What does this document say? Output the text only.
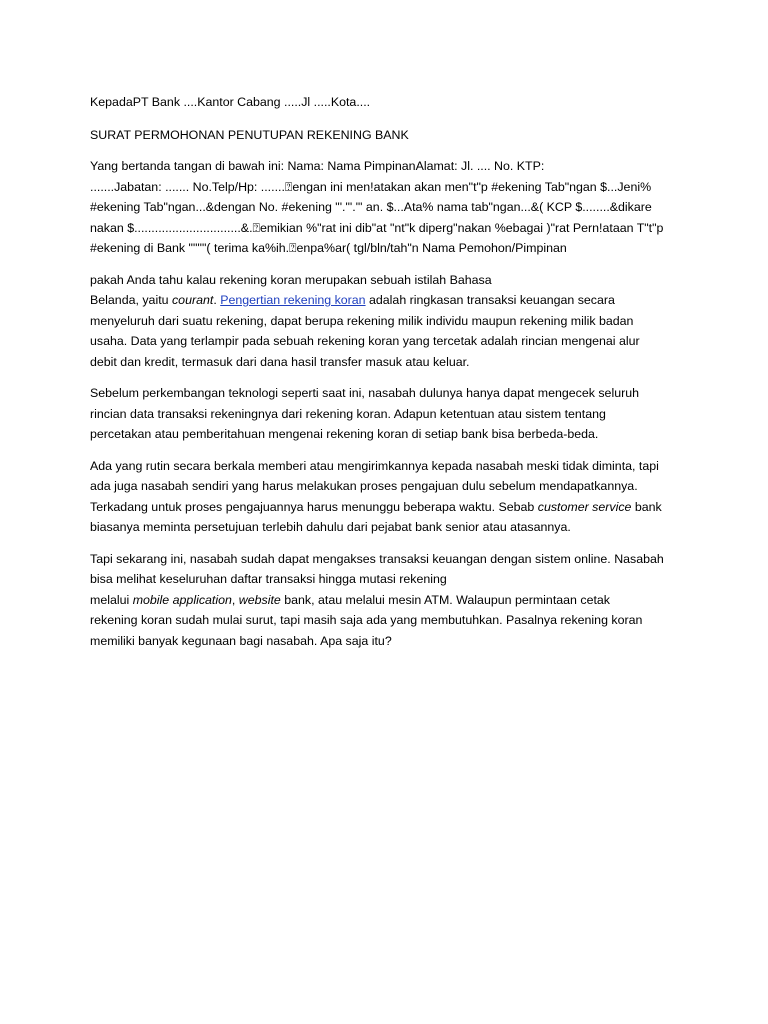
KepadaPT Bank ....Kantor Cabang .....Jl .....Kota....
SURAT PERMOHONAN PENUTUPAN REKENING BANK
Yang bertanda tangan di bawah ini: Nama: Nama PimpinanAlamat: Jl. .... No. KTP:
.......Jabatan: ....... No.Telp/Hp: .......⍰engan ini men!atakan akan men"t"p #ekening Tab"ngan $...Jeni%
#ekening Tab"ngan...&dengan No. #ekening "'."'."' an. $...Ata% nama tab"ngan...&( KCP $........&dikare
nakan $...............................&.⍰emikian %"rat ini dib"at "nt"k diperg"nakan %ebagai )"rat Pern!ataan T"t"p
#ekening di Bank "'"'"( terima ka%ih.⍰enpa%ar( tgl/bln/tah"n Nama Pemohon/Pimpinan
pakah Anda tahu kalau rekening koran merupakan sebuah istilah Bahasa
Belanda, yaitu courant. Pengertian rekening koran adalah ringkasan transaksi keuangan secara
menyeluruh dari suatu rekening, dapat berupa rekening milik individu maupun rekening milik badan
usaha. Data yang terlampir pada sebuah rekening koran yang tercetak adalah rincian mengenai alur
debit dan kredit, termasuk dari dana hasil transfer masuk atau keluar.
Sebelum perkembangan teknologi seperti saat ini, nasabah dulunya hanya dapat mengecek seluruh
rincian data transaksi rekeningnya dari rekening koran. Adapun ketentuan atau sistem tentang
percetakan atau pemberitahuan mengenai rekening koran di setiap bank bisa berbeda-beda.
Ada yang rutin secara berkala memberi atau mengirimkannya kepada nasabah meski tidak diminta, tapi
ada juga nasabah sendiri yang harus melakukan proses pengajuan dulu sebelum mendapatkannya.
Terkadang untuk proses pengajuannya harus menunggu beberapa waktu. Sebab customer service bank
biasanya meminta persetujuan terlebih dahulu dari pejabat bank senior atau atasannya.
Tapi sekarang ini, nasabah sudah dapat mengakses transaksi keuangan dengan sistem online. Nasabah
bisa melihat keseluruhan daftar transaksi hingga mutasi rekening
melalui mobile application, website bank, atau melalui mesin ATM. Walaupun permintaan cetak
rekening koran sudah mulai surut, tapi masih saja ada yang membutuhkan. Pasalnya rekening koran
memiliki banyak kegunaan bagi nasabah. Apa saja itu?
